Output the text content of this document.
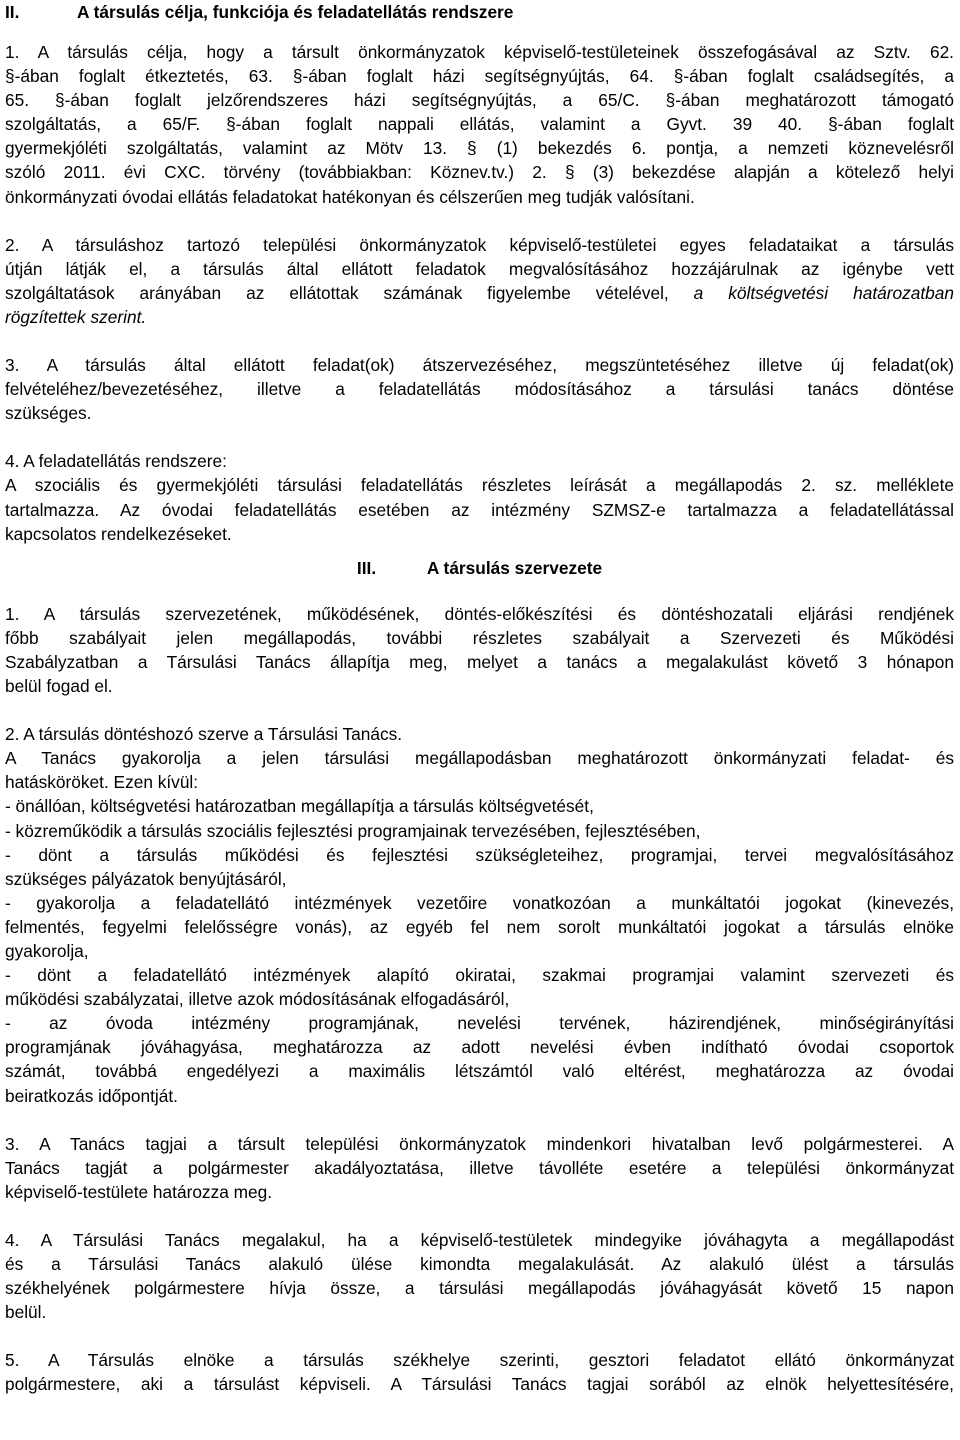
II.	A társulás célja, funkciója és feladatellátás rendszere
1. A társulás célja, hogy a társult önkormányzatok képviselő-testületeinek összefogásával az Sztv. 62.
§-ában foglalt étkeztetés, 63. §-ában foglalt házi segítségnyújtás, 64. §-ában foglalt családsegítés, a
65. §-ában foglalt jelzőrendszeres házi segítségnyújtás, a 65/C. §-ában meghatározott támogató
szolgáltatás, a 65/F. §-ában foglalt nappali ellátás, valamint a Gyvt. 39 40. §-ában foglalt
gyermekjóléti szolgáltatás, valamint az Mötv 13. § (1) bekezdés 6. pontja, a nemzeti köznevelésről
szóló 2011. évi CXC. törvény (továbbiakban: Köznev.tv.) 2. § (3) bekezdése alapján a kötelező helyi
önkormányzati óvodai ellátás feladatokat hatékonyan és célszerűen meg tudják valósítani.
2. A társuláshoz tartozó települési önkormányzatok képviselő-testületei egyes feladataikat a társulás
útján látják el, a társulás által ellátott feladatok megvalósításához hozzájárulnak az igénybe vett
szolgáltatások arányában az ellátottak számának figyelembe vételével, a költségvetési határozatban
rögzítettek szerint.
3. A társulás által ellátott feladat(ok) átszervezéséhez, megszüntetéséhez illetve új feladat(ok)
felvételéhez/bevezetéséhez, illetve a feladatellátás módosításához a társulási tanács döntése
szükséges.
4. A feladatellátás rendszere:
A szociális és gyermekjóléti társulási feladatellátás részletes leírását a megállapodás 2. sz. melléklete
tartalmazza. Az óvodai feladatellátás esetében az intézmény SZMSZ-e tartalmazza a feladatellátással
kapcsolatos rendelkezéseket.
III.	A társulás szervezete
1. A társulás szervezetének, működésének, döntés-előkészítési és döntéshozatali eljárási rendjének
főbb szabályait jelen megállapodás, további részletes szabályait a Szervezeti és Működési
Szabályzatban a Társulási Tanács állapítja meg, melyet a tanács a megalakulást követő 3 hónapon
belül fogad el.
2. A társulás döntéshozó szerve a Társulási Tanács.
A Tanács gyakorolja a jelen társulási megállapodásban meghatározott önkormányzati feladat- és
hatásköröket. Ezen kívül:
- önállóan, költségvetési határozatban megállapítja a társulás költségvetését,
- közreműködik a társulás szociális fejlesztési programjainak tervezésében, fejlesztésében,
- dönt a társulás működési és fejlesztési szükségleteihez, programjai, tervei megvalósításához
szükséges pályázatok benyújtásáról,
- gyakorolja a feladatellátó intézmények vezetőire vonatkozóan a munkáltatói jogokat (kinevezés,
felmentés, fegyelmi felelősségre vonás), az egyéb fel nem sorolt munkáltatói jogokat a társulás elnöke
gyakorolja,
- dönt a feladatellátó intézmények alapító okiratai, szakmai programjai valamint szervezeti és
működési szabályzatai, illetve azok módosításának elfogadásáról,
- az óvoda intézmény programjának, nevelési tervének, házirendjének, minőségirányítási
programjának jóváhagyása, meghatározza az adott nevelési évben indítható óvodai csoportok
számát, továbbá engedélyezi a maximális létszámtól való eltérést, meghatározza az óvodai
beiratkozás időpontját.
3. A Tanács tagjai a társult települési önkormányzatok mindenkori hivatalban levő polgármesterei. A
Tanács tagját a polgármester akadályoztatása, illetve távolléte esetére a települési önkormányzat
képviselő-testülete határozza meg.
4. A Társulási Tanács megalakul, ha a képviselő-testületek mindegyike jóváhagyta a megállapodást
és a Társulási Tanács alakuló ülése kimondta megalakulását. Az alakuló ülést a társulás
székhelyének polgármestere hívja össze, a társulási megállapodás jóváhagyását követő 15 napon
belül.
5. A Társulás elnöke a társulás székhelye szerinti, gesztori feladatot ellátó önkormányzat
polgármestere, aki a társulást képviseli. A Társulási Tanács tagjai sorából az elnök helyettesítésére,
